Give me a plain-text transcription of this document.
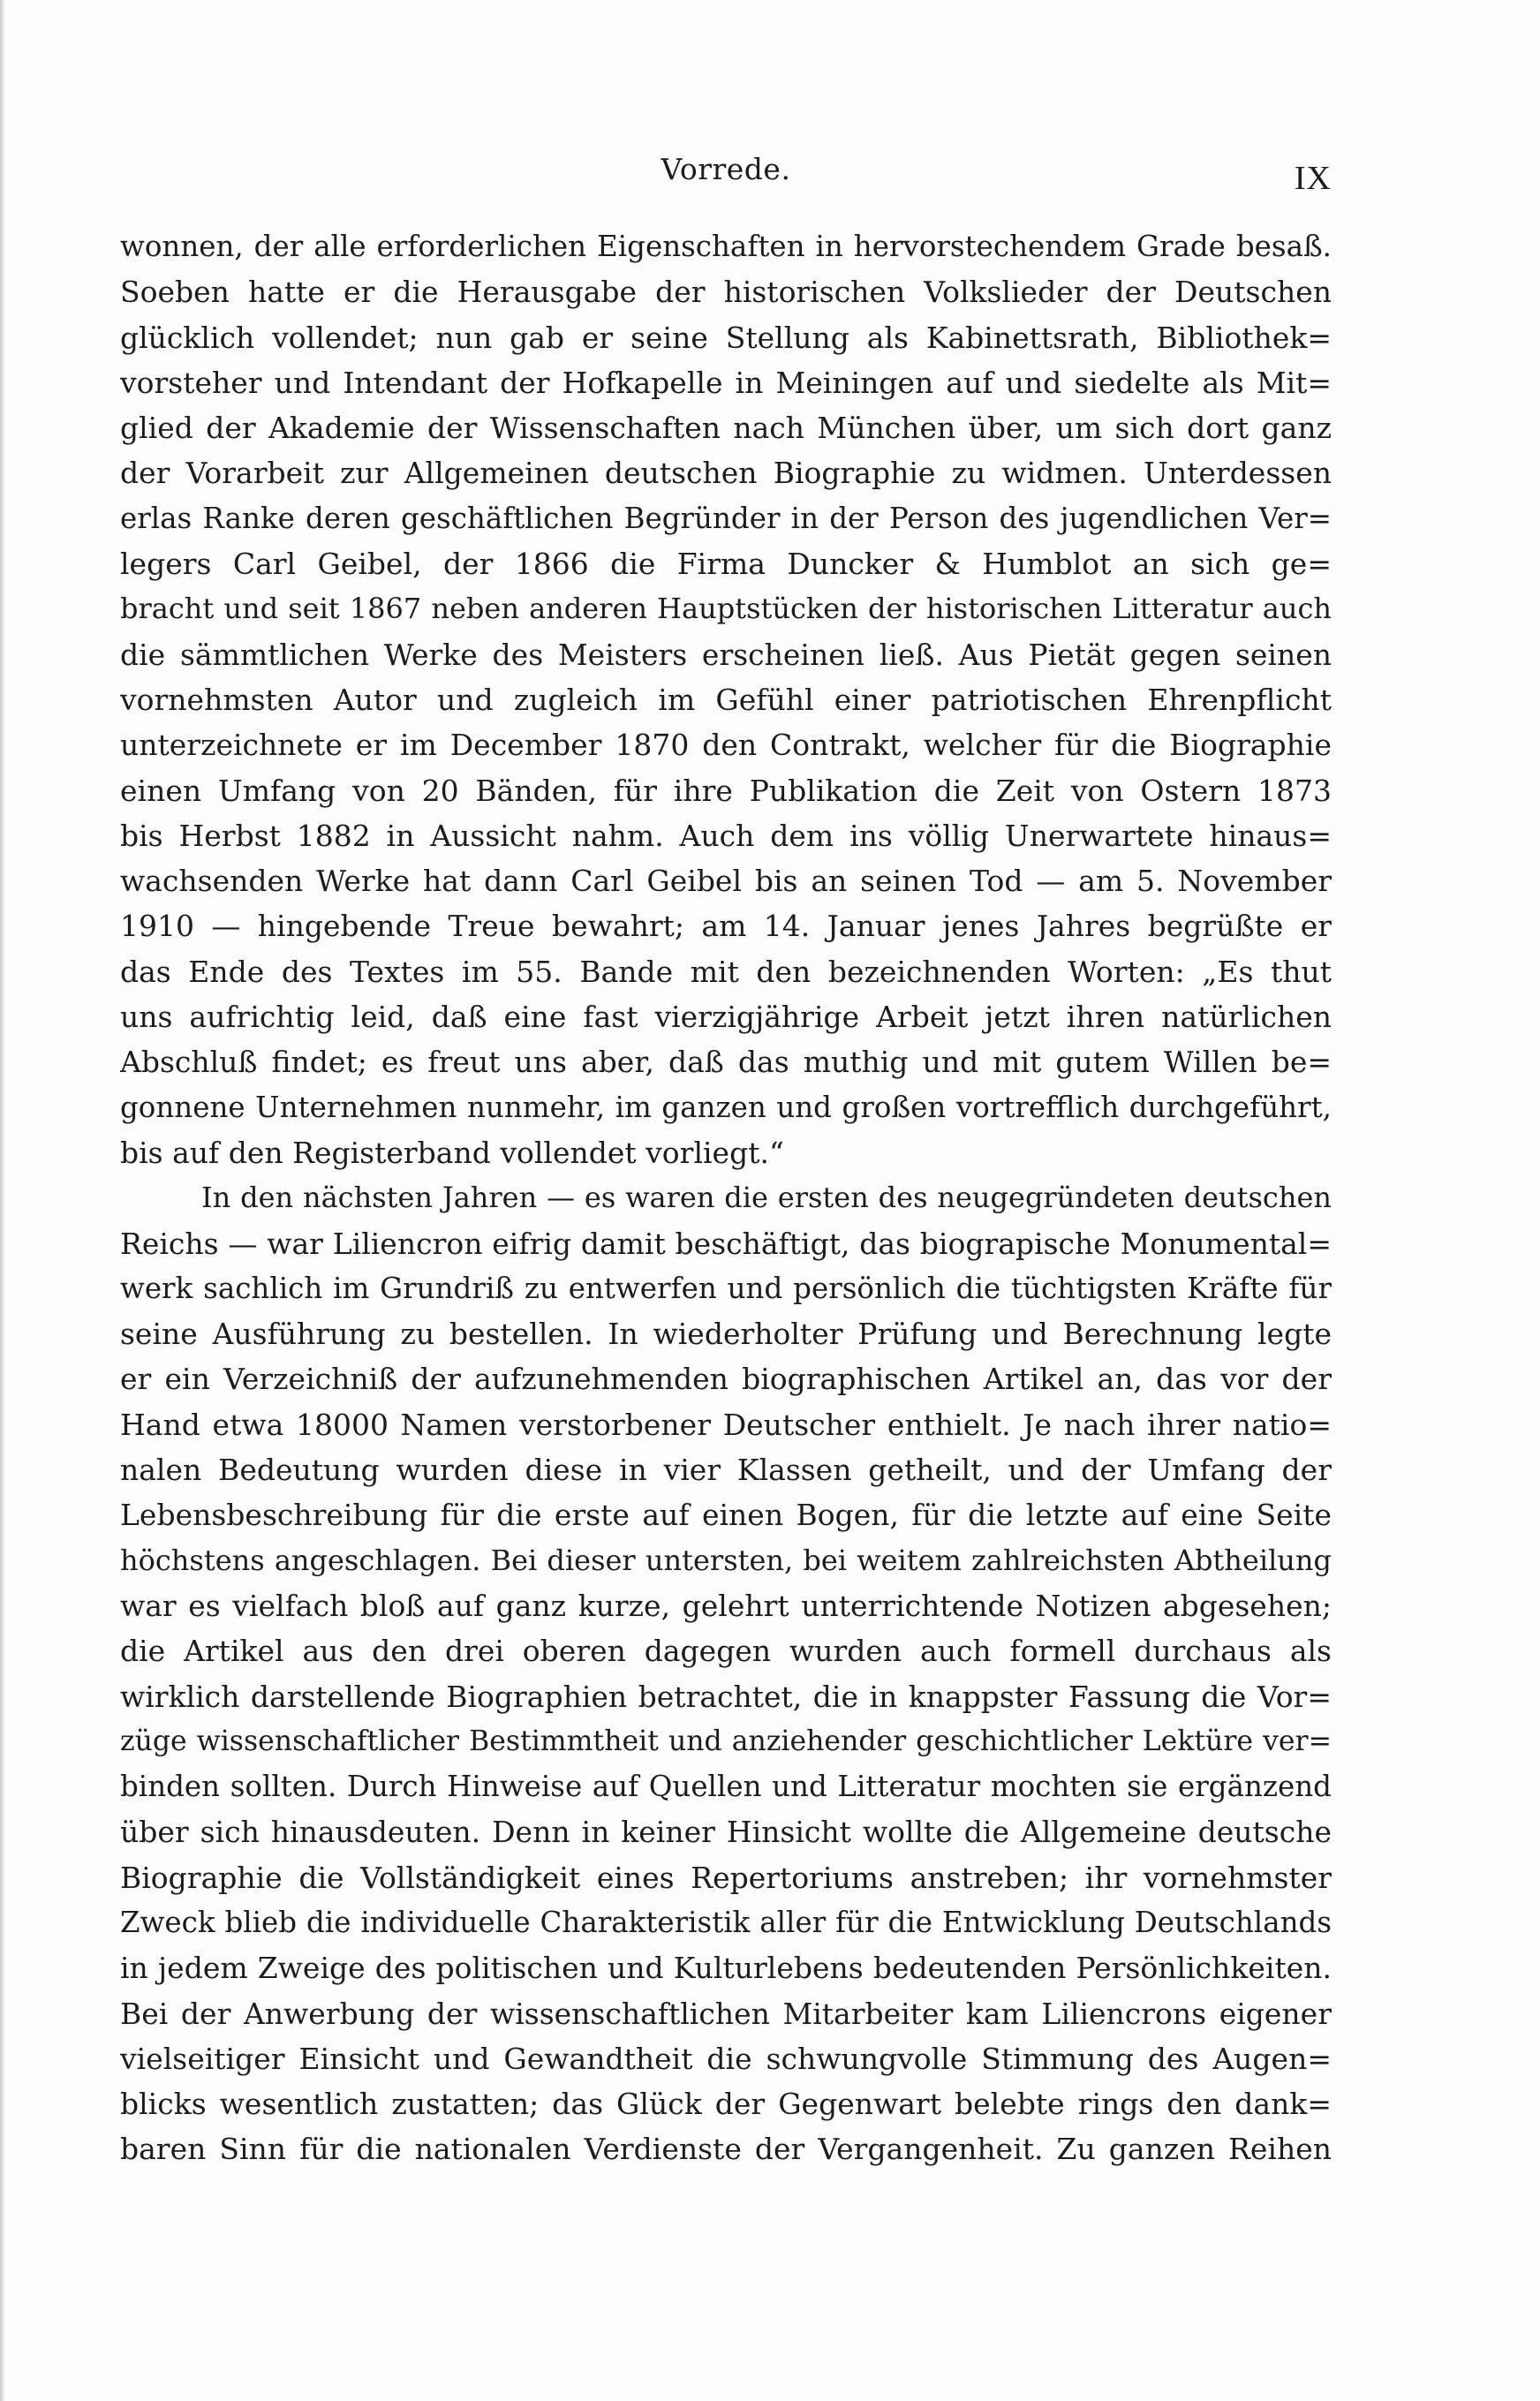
Vorrede.	IX
wonnen, der alle erforderlichen Eigenschaften in hervorstechendem Grade besaß.
Soeben hatte er die Herausgabe der historischen Volkslieder der Deutschen
glücklich vollendet; nun gab er seine Stellung als Kabinettsrath, Bibliothek=
vorsteher und Intendant der Hofkapelle in Meiningen auf und siedelte als Mit=
glied der Akademie der Wissenschaften nach München über, um sich dort ganz
der Vorarbeit zur Allgemeinen deutschen Biographie zu widmen. Unterdessen
erlas Ranke deren geschäftlichen Begründer in der Person des jugendlichen Ver=
legers Carl Geibel, der 1866 die Firma Duncker & Humblot an sich ge=
bracht und seit 1867 neben anderen Hauptstücken der historischen Litteratur auch
die sämmtlichen Werke des Meisters erscheinen ließ. Aus Pietät gegen seinen
vornehmsten Autor und zugleich im Gefühl einer patriotischen Ehrenpflicht
unterzeichnete er im December 1870 den Contrakt, welcher für die Biographie
einen Umfang von 20 Bänden, für ihre Publikation die Zeit von Ostern 1873
bis Herbst 1882 in Aussicht nahm. Auch dem ins völlig Unerwartete hinaus=
wachsenden Werke hat dann Carl Geibel bis an seinen Tod — am 5. November
1910 — hingebende Treue bewahrt; am 14. Januar jenes Jahres begrüßte er
das Ende des Textes im 55. Bande mit den bezeichnenden Worten: „Es thut
uns aufrichtig leid, daß eine fast vierzigjährige Arbeit jetzt ihren natürlichen
Abschluß findet; es freut uns aber, daß das muthig und mit gutem Willen be=
gonnene Unternehmen nunmehr, im ganzen und großen vortrefflich durchgeführt,
bis auf den Registerband vollendet vorliegt.“
In den nächsten Jahren — es waren die ersten des neugegründeten deutschen
Reichs — war Liliencron eifrig damit beschäftigt, das biograpische Monumental=
werk sachlich im Grundriß zu entwerfen und persönlich die tüchtigsten Kräfte für
seine Ausführung zu bestellen. In wiederholter Prüfung und Berechnung legte
er ein Verzeichniß der aufzunehmenden biographischen Artikel an, das vor der
Hand etwa 18000 Namen verstorbener Deutscher enthielt. Je nach ihrer natio=
nalen Bedeutung wurden diese in vier Klassen getheilt, und der Umfang der
Lebensbeschreibung für die erste auf einen Bogen, für die letzte auf eine Seite
höchstens angeschlagen. Bei dieser untersten, bei weitem zahlreichsten Abtheilung
war es vielfach bloß auf ganz kurze, gelehrt unterrichtende Notizen abgesehen;
die Artikel aus den drei oberen dagegen wurden auch formell durchaus als
wirklich darstellende Biographien betrachtet, die in knappster Fassung die Vor=
züge wissenschaftlicher Bestimmtheit und anziehender geschichtlicher Lektüre ver=
binden sollten. Durch Hinweise auf Quellen und Litteratur mochten sie ergänzend
über sich hinausdeuten. Denn in keiner Hinsicht wollte die Allgemeine deutsche
Biographie die Vollständigkeit eines Repertoriums anstreben; ihr vornehmster
Zweck blieb die individuelle Charakteristik aller für die Entwicklung Deutschlands
in jedem Zweige des politischen und Kulturlebens bedeutenden Persönlichkeiten.
Bei der Anwerbung der wissenschaftlichen Mitarbeiter kam Liliencrons eigener
vielseitiger Einsicht und Gewandtheit die schwungvolle Stimmung des Augen=
blicks wesentlich zustatten; das Glück der Gegenwart belebte rings den dank=
baren Sinn für die nationalen Verdienste der Vergangenheit. Zu ganzen Reihen
